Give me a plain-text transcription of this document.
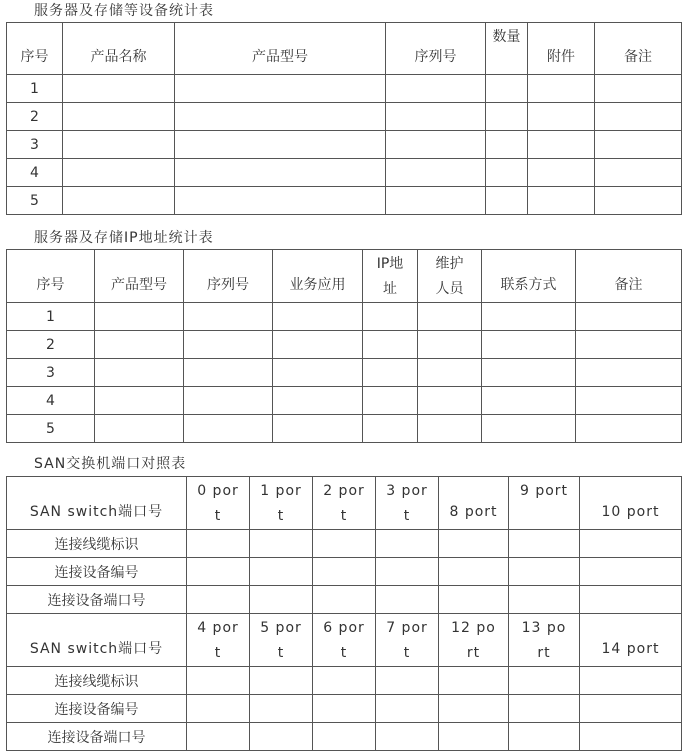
服务器及存储等设备统计表
序号	产品名称	产品型号	序列号	数量	附件	备注
1						
2						
3						
4						
5						
服务器及存储IP地址统计表
序号	产品型号	序列号	业务应用	IP地址	维护人员	联系方式	备注
1							
2							
3							
4							
5							
SAN交换机端口对照表
SAN switch端口号	0 port	1 port	2 port	3 port	8 port	9 port	10 port
连接线缆标识							
连接设备编号							
连接设备端口号							
SAN switch端口号	4 port	5 port	6 port	7 port	12 port	13 port	14 port
连接线缆标识							
连接设备编号							
连接设备端口号							
